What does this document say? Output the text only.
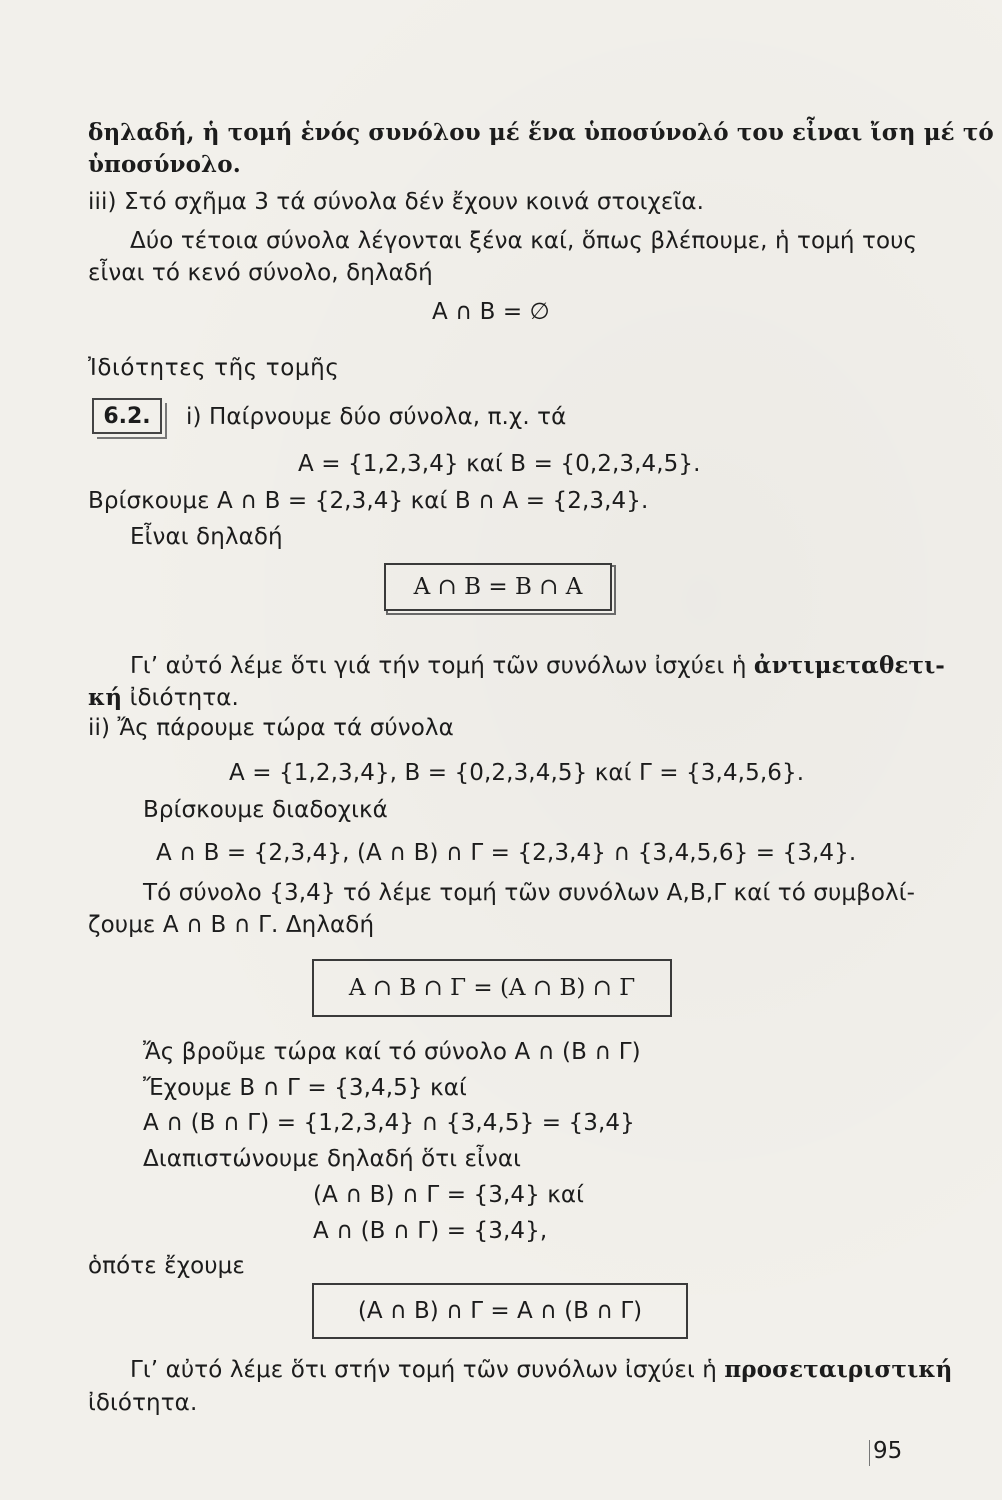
δηλαδή, ἡ τομή ἑνός συνόλου μέ ἕνα ὑποσύνολό του εἶναι ἴση μέ τό
ὑποσύνολο.
iii) Στό σχῆμα 3 τά σύνολα δέν ἔχουν κοινά στοιχεῖα.
Δύο τέτοια σύνολα λέγονται ξένα καί, ὅπως βλέπουμε, ἡ τομή τους
εἶναι τό κενό σύνολο, δηλαδή
A ∩ B = ∅
Ἰδιότητες τῆς τομῆς
6.2.	i) Παίρνουμε δύο σύνολα, π.χ. τά
A = {1,2,3,4} καί B = {0,2,3,4,5}.
Βρίσκουμε A ∩ B = {2,3,4} καί B ∩ A = {2,3,4}.
Εἶναι δηλαδή
A ∩ B = B ∩ A
Γι’ αὐτό λέμε ὅτι γιά τήν τομή τῶν συνόλων ἰσχύει ἡ ἀντιμεταθετι-
κή ἰδιότητα.
ii) Ἄς πάρουμε τώρα τά σύνολα
A = {1,2,3,4}, B = {0,2,3,4,5} καί Γ = {3,4,5,6}.
Βρίσκουμε διαδοχικά
A ∩ B = {2,3,4}, (A ∩ B) ∩ Γ = {2,3,4} ∩ {3,4,5,6} = {3,4}.
Τό σύνολο {3,4} τό λέμε τομή τῶν συνόλων A,B,Γ καί τό συμβολί-
ζουμε A ∩ B ∩ Γ. Δηλαδή
A ∩ B ∩ Γ = (A ∩ B) ∩ Γ
Ἄς βροῦμε τώρα καί τό σύνολο A ∩ (B ∩ Γ)
Ἔχουμε B ∩ Γ = {3,4,5} καί
A ∩ (B ∩ Γ) = {1,2,3,4} ∩ {3,4,5} = {3,4}
Διαπιστώνουμε δηλαδή ὅτι εἶναι
(A ∩ B) ∩ Γ = {3,4} καί
A ∩ (B ∩ Γ) = {3,4},
ὁπότε ἔχουμε
(A ∩ B) ∩ Γ = A ∩ (B ∩ Γ)
Γι’ αὐτό λέμε ὅτι στήν τομή τῶν συνόλων ἰσχύει ἡ προσεταιριστική
ἰδιότητα.
95
